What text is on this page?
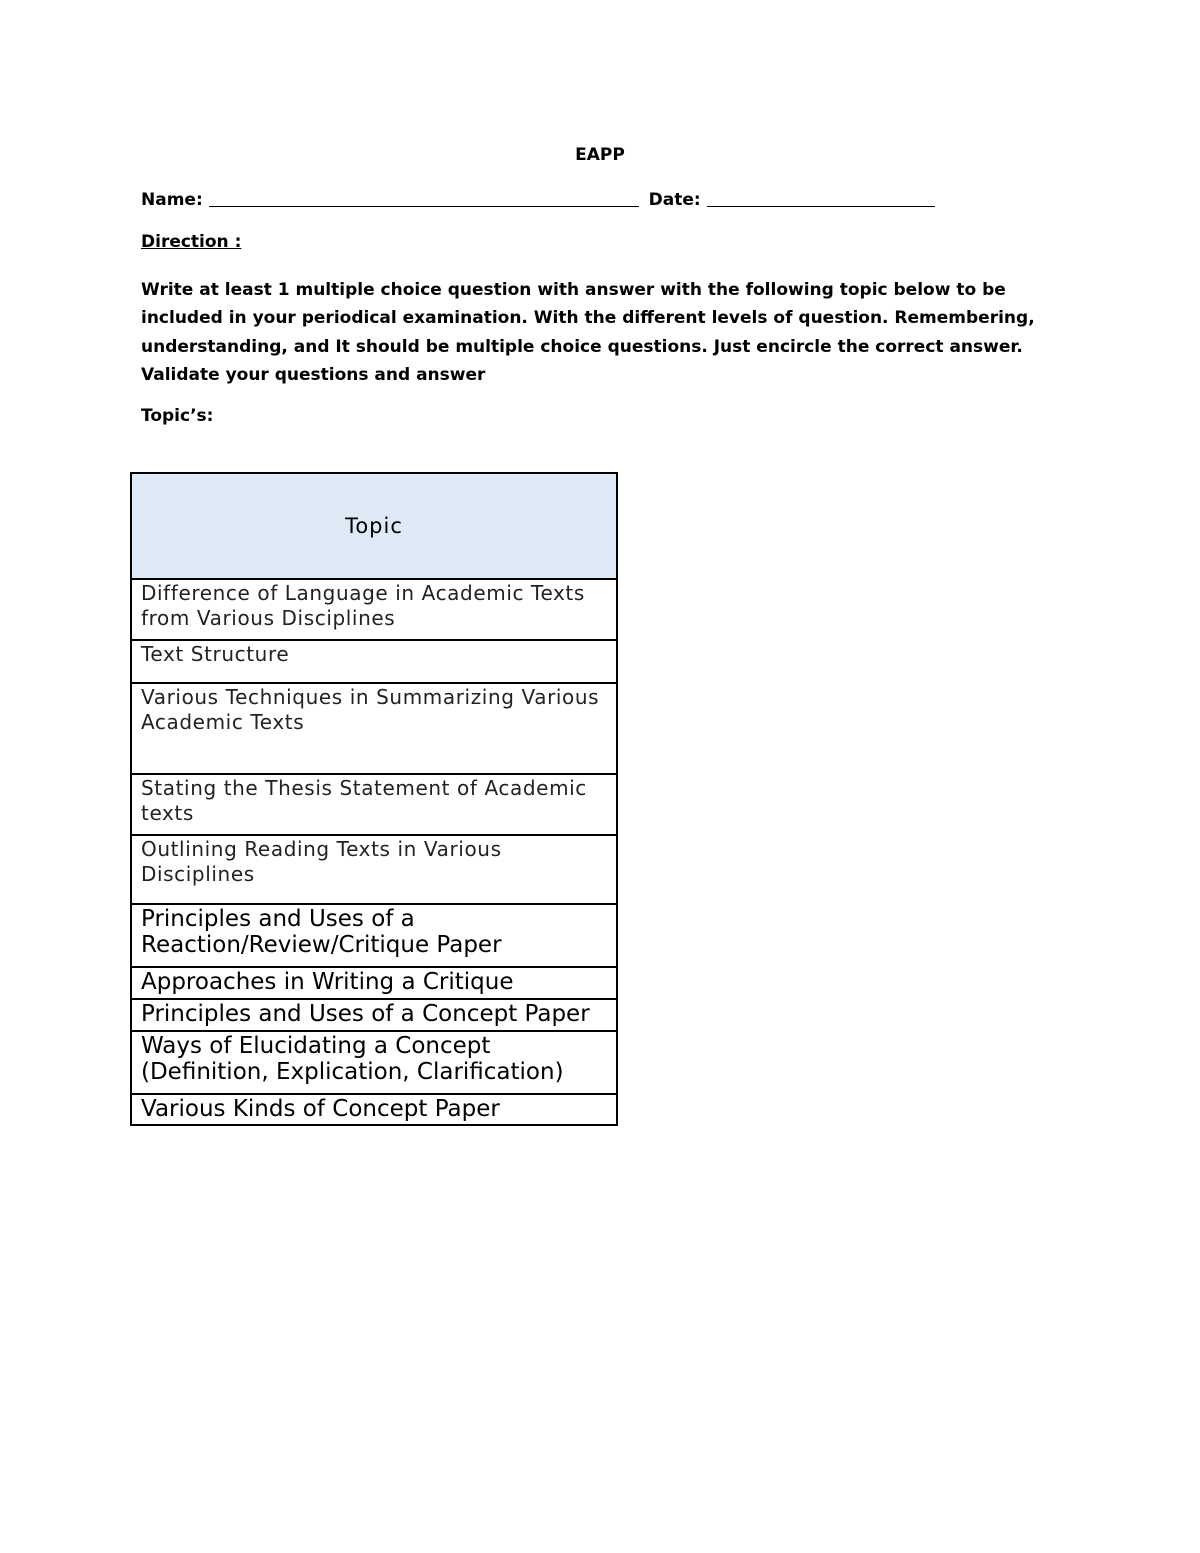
EAPP
Name:	Date:
Direction :
Write at least 1 multiple choice question with answer with the following topic below to be included in your periodical examination. With the different levels of question. Remembering, understanding, and It should be multiple choice questions. Just encircle the correct answer. Validate your questions and answer
Topic’s:
Topic
Difference of Language in Academic Texts from Various Disciplines
Text Structure
Various Techniques in Summarizing Various Academic Texts
Stating the Thesis Statement of Academic texts
Outlining Reading Texts in Various Disciplines
Principles and Uses of a Reaction/Review/Critique Paper
Approaches in Writing a Critique
Principles and Uses of a Concept Paper
Ways of Elucidating a Concept (Definition, Explication, Clarification)
Various Kinds of Concept Paper
